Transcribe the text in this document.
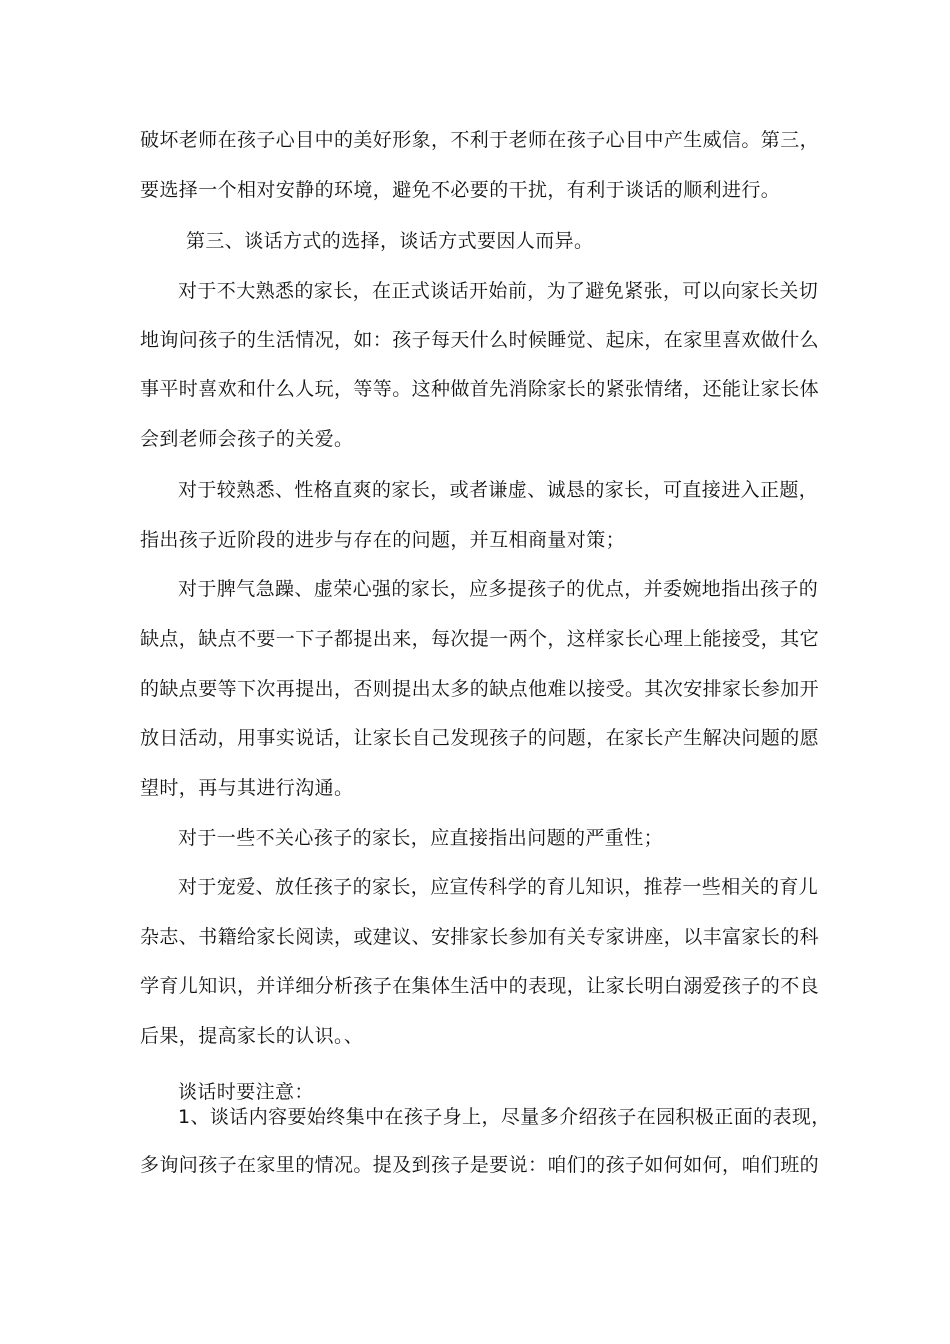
破坏老师在孩子心目中的美好形象，不利于老师在孩子心目中产生威信。第三，
要选择一个相对安静的环境，避免不必要的干扰，有利于谈话的顺利进行。
第三、谈话方式的选择，谈话方式要因人而异。
对于不大熟悉的家长，在正式谈话开始前，为了避免紧张，可以向家长关切
地询问孩子的生活情况，如：孩子每天什么时候睡觉、起床，在家里喜欢做什么
事平时喜欢和什么人玩，等等。这种做首先消除家长的紧张情绪，还能让家长体
会到老师会孩子的关爱。
对于较熟悉、性格直爽的家长，或者谦虚、诚恳的家长，可直接进入正题，
指出孩子近阶段的进步与存在的问题，并互相商量对策；
对于脾气急躁、虚荣心强的家长，应多提孩子的优点，并委婉地指出孩子的
缺点，缺点不要一下子都提出来，每次提一两个，这样家长心理上能接受，其它
的缺点要等下次再提出，否则提出太多的缺点他难以接受。其次安排家长参加开
放日活动，用事实说话，让家长自己发现孩子的问题，在家长产生解决问题的愿
望时，再与其进行沟通。
对于一些不关心孩子的家长，应直接指出问题的严重性；
对于宠爱、放任孩子的家长，应宣传科学的育儿知识，推荐一些相关的育儿
杂志、书籍给家长阅读，或建议、安排家长参加有关专家讲座，以丰富家长的科
学育儿知识，并详细分析孩子在集体生活中的表现，让家长明白溺爱孩子的不良
后果，提高家长的认识。、
谈话时要注意：
1、谈话内容要始终集中在孩子身上，尽量多介绍孩子在园积极正面的表现，
多询问孩子在家里的情况。提及到孩子是要说：咱们的孩子如何如何，咱们班的
